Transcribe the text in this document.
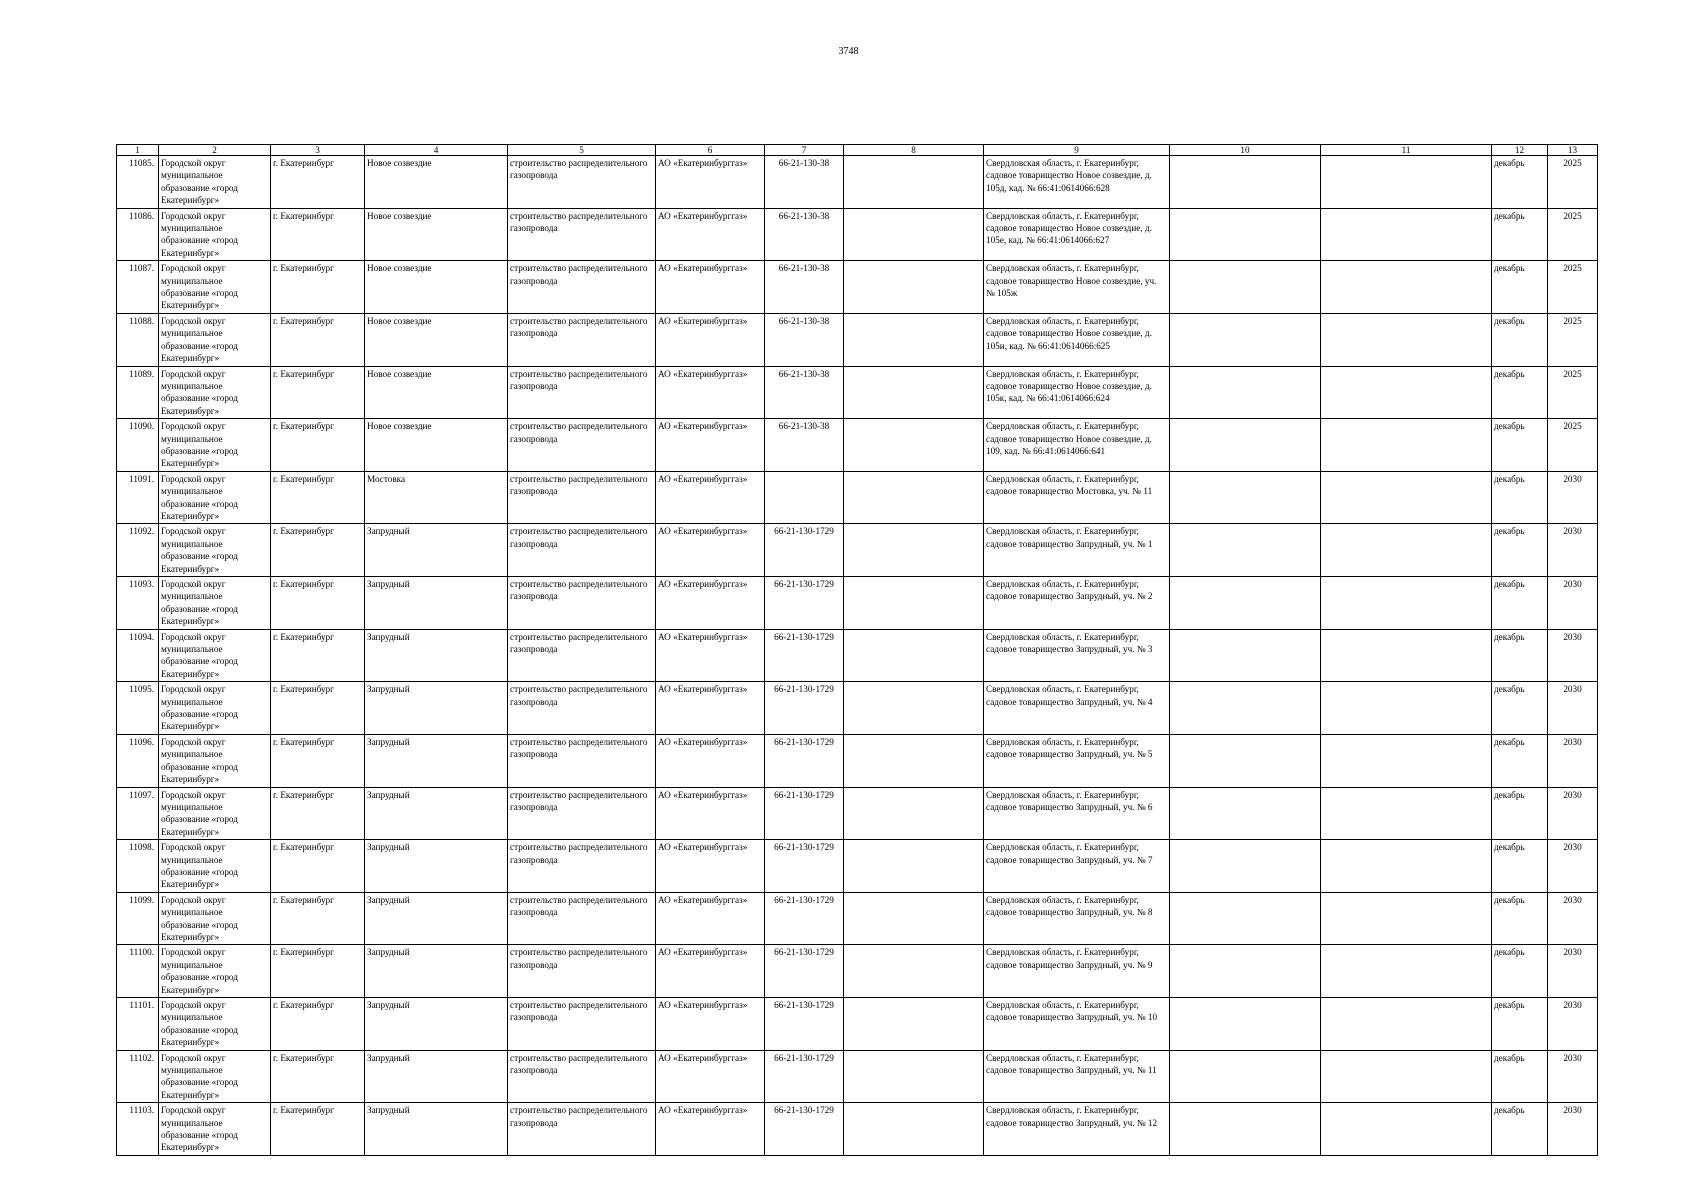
3748
1	2	3	4	5	6	7	8	9	10	11	12	13
11085.	Городской округ муниципальное образование «город Екатеринбург»	г. Екатеринбург	Новое созвездие	строительство распределительного газопровода	АО «Екатеринбурггаз»	66-21-130-38		Свердловская область, г. Екатеринбург, садовое товарищество Новое созвездие, д. 105д, кад. № 66:41:0614066:628			декабрь	2025
11086.	Городской округ муниципальное образование «город Екатеринбург»	г. Екатеринбург	Новое созвездие	строительство распределительного газопровода	АО «Екатеринбурггаз»	66-21-130-38		Свердловская область, г. Екатеринбург, садовое товарищество Новое созвездие, д. 105е, кад. № 66:41:0614066:627			декабрь	2025
11087.	Городской округ муниципальное образование «город Екатеринбург»	г. Екатеринбург	Новое созвездие	строительство распределительного газопровода	АО «Екатеринбурггаз»	66-21-130-38		Свердловская область, г. Екатеринбург, садовое товарищество Новое созвездие, уч. № 105ж			декабрь	2025
11088.	Городской округ муниципальное образование «город Екатеринбург»	г. Екатеринбург	Новое созвездие	строительство распределительного газопровода	АО «Екатеринбурггаз»	66-21-130-38		Свердловская область, г. Екатеринбург, садовое товарищество Новое созвездие, д. 105и, кад. № 66:41:0614066:625			декабрь	2025
11089.	Городской округ муниципальное образование «город Екатеринбург»	г. Екатеринбург	Новое созвездие	строительство распределительного газопровода	АО «Екатеринбурггаз»	66-21-130-38		Свердловская область, г. Екатеринбург, садовое товарищество Новое созвездие, д. 105к, кад. № 66:41:0614066:624			декабрь	2025
11090.	Городской округ муниципальное образование «город Екатеринбург»	г. Екатеринбург	Новое созвездие	строительство распределительного газопровода	АО «Екатеринбурггаз»	66-21-130-38		Свердловская область, г. Екатеринбург, садовое товарищество Новое созвездие, д. 109, кад. № 66:41:0614066:641			декабрь	2025
11091.	Городской округ муниципальное образование «город Екатеринбург»	г. Екатеринбург	Мостовка	строительство распределительного газопровода	АО «Екатеринбурггаз»			Свердловская область, г. Екатеринбург, садовое товарищество Мостовка, уч. № 11			декабрь	2030
11092.	Городской округ муниципальное образование «город Екатеринбург»	г. Екатеринбург	Запрудный	строительство распределительного газопровода	АО «Екатеринбурггаз»	66-21-130-1729		Свердловская область, г. Екатеринбург, садовое товарищество Запрудный, уч. № 1			декабрь	2030
11093.	Городской округ муниципальное образование «город Екатеринбург»	г. Екатеринбург	Запрудный	строительство распределительного газопровода	АО «Екатеринбурггаз»	66-21-130-1729		Свердловская область, г. Екатеринбург, садовое товарищество Запрудный, уч. № 2			декабрь	2030
11094.	Городской округ муниципальное образование «город Екатеринбург»	г. Екатеринбург	Запрудный	строительство распределительного газопровода	АО «Екатеринбурггаз»	66-21-130-1729		Свердловская область, г. Екатеринбург, садовое товарищество Запрудный, уч. № 3			декабрь	2030
11095.	Городской округ муниципальное образование «город Екатеринбург»	г. Екатеринбург	Запрудный	строительство распределительного газопровода	АО «Екатеринбурггаз»	66-21-130-1729		Свердловская область, г. Екатеринбург, садовое товарищество Запрудный, уч. № 4			декабрь	2030
11096.	Городской округ муниципальное образование «город Екатеринбург»	г. Екатеринбург	Запрудный	строительство распределительного газопровода	АО «Екатеринбурггаз»	66-21-130-1729		Свердловская область, г. Екатеринбург, садовое товарищество Запрудный, уч. № 5			декабрь	2030
11097.	Городской округ муниципальное образование «город Екатеринбург»	г. Екатеринбург	Запрудный	строительство распределительного газопровода	АО «Екатеринбурггаз»	66-21-130-1729		Свердловская область, г. Екатеринбург, садовое товарищество Запрудный, уч. № 6			декабрь	2030
11098.	Городской округ муниципальное образование «город Екатеринбург»	г. Екатеринбург	Запрудный	строительство распределительного газопровода	АО «Екатеринбурггаз»	66-21-130-1729		Свердловская область, г. Екатеринбург, садовое товарищество Запрудный, уч. № 7			декабрь	2030
11099.	Городской округ муниципальное образование «город Екатеринбург»	г. Екатеринбург	Запрудный	строительство распределительного газопровода	АО «Екатеринбурггаз»	66-21-130-1729		Свердловская область, г. Екатеринбург, садовое товарищество Запрудный, уч. № 8			декабрь	2030
11100.	Городской округ муниципальное образование «город Екатеринбург»	г. Екатеринбург	Запрудный	строительство распределительного газопровода	АО «Екатеринбурггаз»	66-21-130-1729		Свердловская область, г. Екатеринбург, садовое товарищество Запрудный, уч. № 9			декабрь	2030
11101.	Городской округ муниципальное образование «город Екатеринбург»	г. Екатеринбург	Запрудный	строительство распределительного газопровода	АО «Екатеринбурггаз»	66-21-130-1729		Свердловская область, г. Екатеринбург, садовое товарищество Запрудный, уч. № 10			декабрь	2030
11102.	Городской округ муниципальное образование «город Екатеринбург»	г. Екатеринбург	Запрудный	строительство распределительного газопровода	АО «Екатеринбурггаз»	66-21-130-1729		Свердловская область, г. Екатеринбург, садовое товарищество Запрудный, уч. № 11			декабрь	2030
11103.	Городской округ муниципальное образование «город Екатеринбург»	г. Екатеринбург	Запрудный	строительство распределительного газопровода	АО «Екатеринбурггаз»	66-21-130-1729		Свердловская область, г. Екатеринбург, садовое товарищество Запрудный, уч. № 12			декабрь	2030
